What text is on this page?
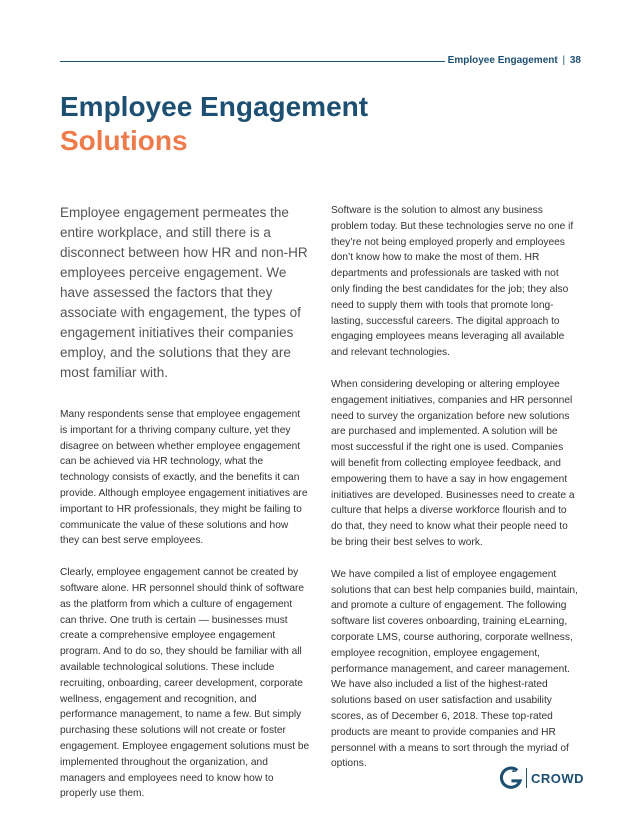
Employee Engagement | 38
Employee Engagement
Solutions

Employee engagement permeates the entire workplace, and still there is a disconnect between how HR and non-HR employees perceive engagement. We have assessed the factors that they associate with engagement, the types of engagement initiatives their companies employ, and the solutions that they are most familiar with.

Many respondents sense that employee engagement is important for a thriving company culture, yet they disagree on between whether employee engagement can be achieved via HR technology, what the technology consists of exactly, and the benefits it can provide. Although employee engagement initiatives are important to HR professionals, they might be failing to communicate the value of these solutions and how they can best serve employees.

Clearly, employee engagement cannot be created by software alone. HR personnel should think of software as the platform from which a culture of engagement can thrive. One truth is certain — businesses must create a comprehensive employee engagement program. And to do so, they should be familiar with all available technological solutions. These include recruiting, onboarding, career development, corporate wellness, engagement and recognition, and performance management, to name a few. But simply purchasing these solutions will not create or foster engagement. Employee engagement solutions must be implemented throughout the organization, and managers and employees need to know how to properly use them.

Software is the solution to almost any business problem today. But these technologies serve no one if they’re not being employed properly and employees don’t know how to make the most of them. HR departments and professionals are tasked with not only finding the best candidates for the job; they also need to supply them with tools that promote long-lasting, successful careers. The digital approach to engaging employees means leveraging all available and relevant technologies.

When considering developing or altering employee engagement initiatives, companies and HR personnel need to survey the organization before new solutions are purchased and implemented. A solution will be most successful if the right one is used. Companies will benefit from collecting employee feedback, and empowering them to have a say in how engagement initiatives are developed. Businesses need to create a culture that helps a diverse workforce flourish and to do that, they need to know what their people need to be bring their best selves to work.

We have compiled a list of employee engagement solutions that can best help companies build, maintain, and promote a culture of engagement. The following software list coveres onboarding, training eLearning, corporate LMS, course authoring, corporate wellness, employee recognition, employee engagement, performance management, and career management. We have also included a list of the highest-rated solutions based on user satisfaction and usability scores, as of December 6, 2018. These top-rated products are meant to provide companies and HR personnel with a means to sort through the myriad of options.

2
CROWD
